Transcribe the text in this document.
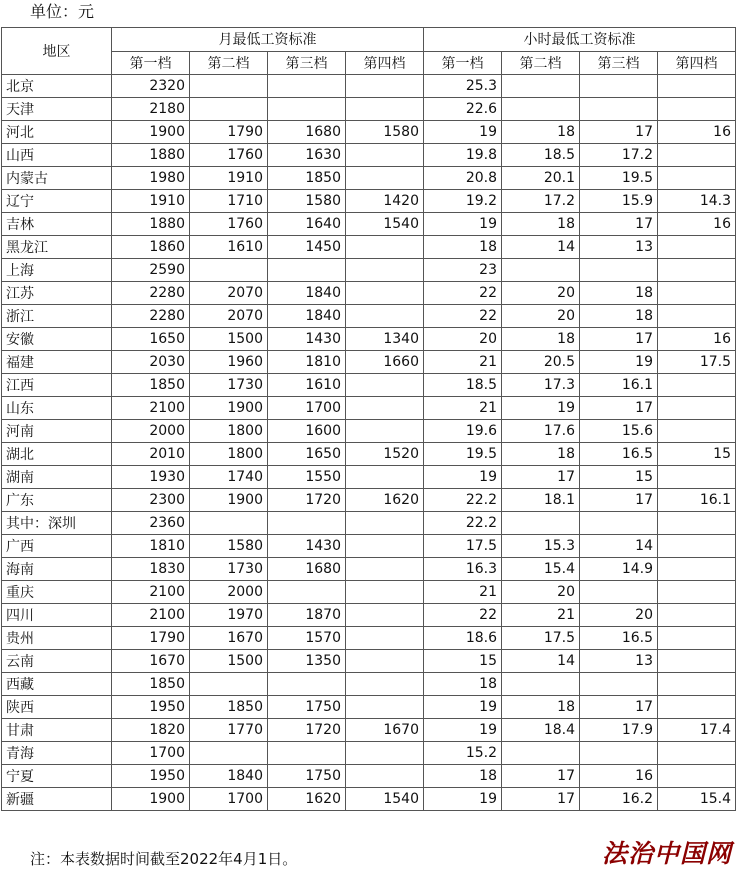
单位：元
地区	月最低工资标准				小时最低工资标准			
	第一档	第二档	第三档	第四档	第一档	第二档	第三档	第四档
北京	2320				25.3			
天津	2180				22.6			
河北	1900	1790	1680	1580	19	18	17	16
山西	1880	1760	1630		19.8	18.5	17.2	
内蒙古	1980	1910	1850		20.8	20.1	19.5	
辽宁	1910	1710	1580	1420	19.2	17.2	15.9	14.3
吉林	1880	1760	1640	1540	19	18	17	16
黑龙江	1860	1610	1450		18	14	13	
上海	2590				23			
江苏	2280	2070	1840		22	20	18	
浙江	2280	2070	1840		22	20	18	
安徽	1650	1500	1430	1340	20	18	17	16
福建	2030	1960	1810	1660	21	20.5	19	17.5
江西	1850	1730	1610		18.5	17.3	16.1	
山东	2100	1900	1700		21	19	17	
河南	2000	1800	1600		19.6	17.6	15.6	
湖北	2010	1800	1650	1520	19.5	18	16.5	15
湖南	1930	1740	1550		19	17	15	
广东	2300	1900	1720	1620	22.2	18.1	17	16.1
其中：深圳	2360				22.2			
广西	1810	1580	1430		17.5	15.3	14	
海南	1830	1730	1680		16.3	15.4	14.9	
重庆	2100	2000			21	20		
四川	2100	1970	1870		22	21	20	
贵州	1790	1670	1570		18.6	17.5	16.5	
云南	1670	1500	1350		15	14	13	
西藏	1850				18			
陕西	1950	1850	1750		19	18	17	
甘肃	1820	1770	1720	1670	19	18.4	17.9	17.4
青海	1700				15.2			
宁夏	1950	1840	1750		18	17	16	
新疆	1900	1700	1620	1540	19	17	16.2	15.4
注：本表数据时间截至2022年4月1日。	法治中国网
